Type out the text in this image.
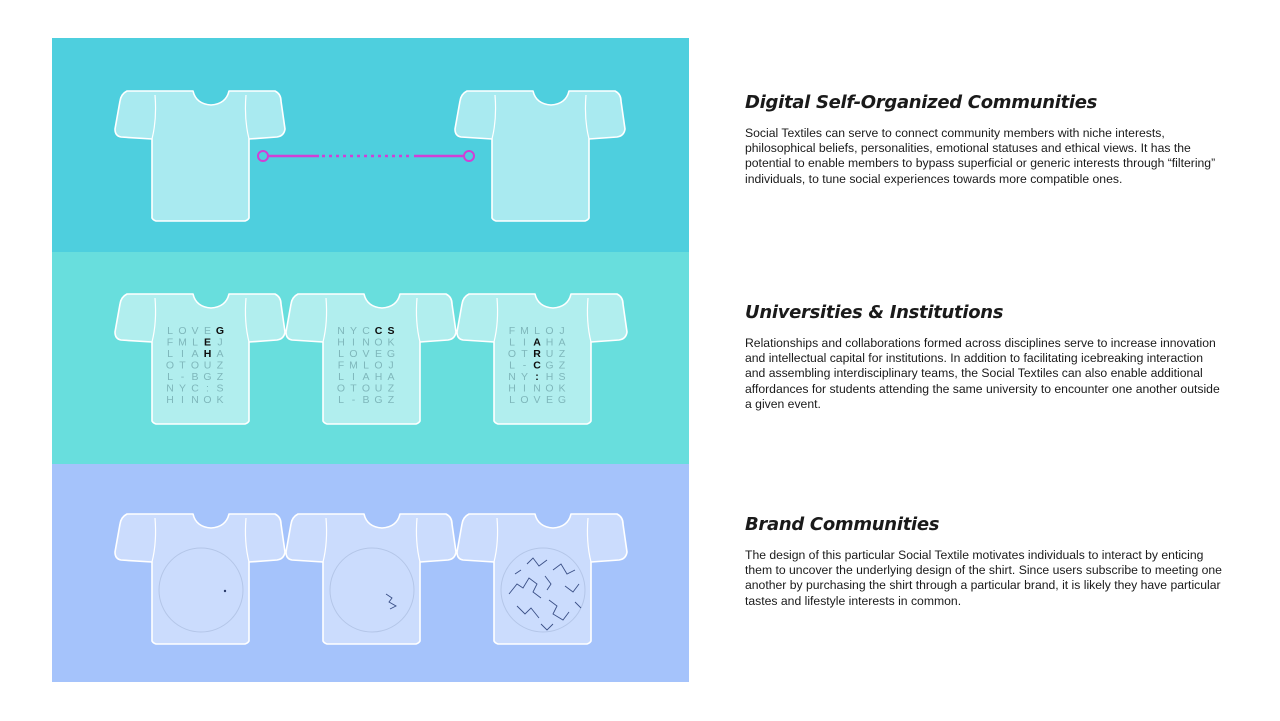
L O V E G
F M L E J
L I A H A
O T O U Z
L - B G Z
N Y C : S
H I N O K
N Y C C S
H I N O K
L O V E G
F M L O J
L I A H A
O T O U Z
L - B G Z
F M L O J
L I A H A
O T R U Z
L - C G Z
N Y : H S
H I N O K
L O V E G
Digital Self-Organized Communities

Social Textiles can serve to connect community members with niche interests, philosophical beliefs, personalities, emotional statuses and ethical views. It has the potential to enable members to bypass superficial or generic interests through “filtering” individuals, to tune social experiences towards more compatible ones.

Universities & Institutions

Relationships and collaborations formed across disciplines serve to increase innovation and intellectual capital for institutions. In addition to facilitating icebreaking interaction and assembling interdisciplinary teams, the Social Textiles can also enable additional affordances for students attending the same university to encounter one another outside a given event.

Brand Communities

The design of this particular Social Textile motivates individuals to interact by enticing them to uncover the underlying design of the shirt. Since users subscribe to meeting one another by purchasing the shirt through a particular brand, it is likely they have particular tastes and lifestyle interests in common.
